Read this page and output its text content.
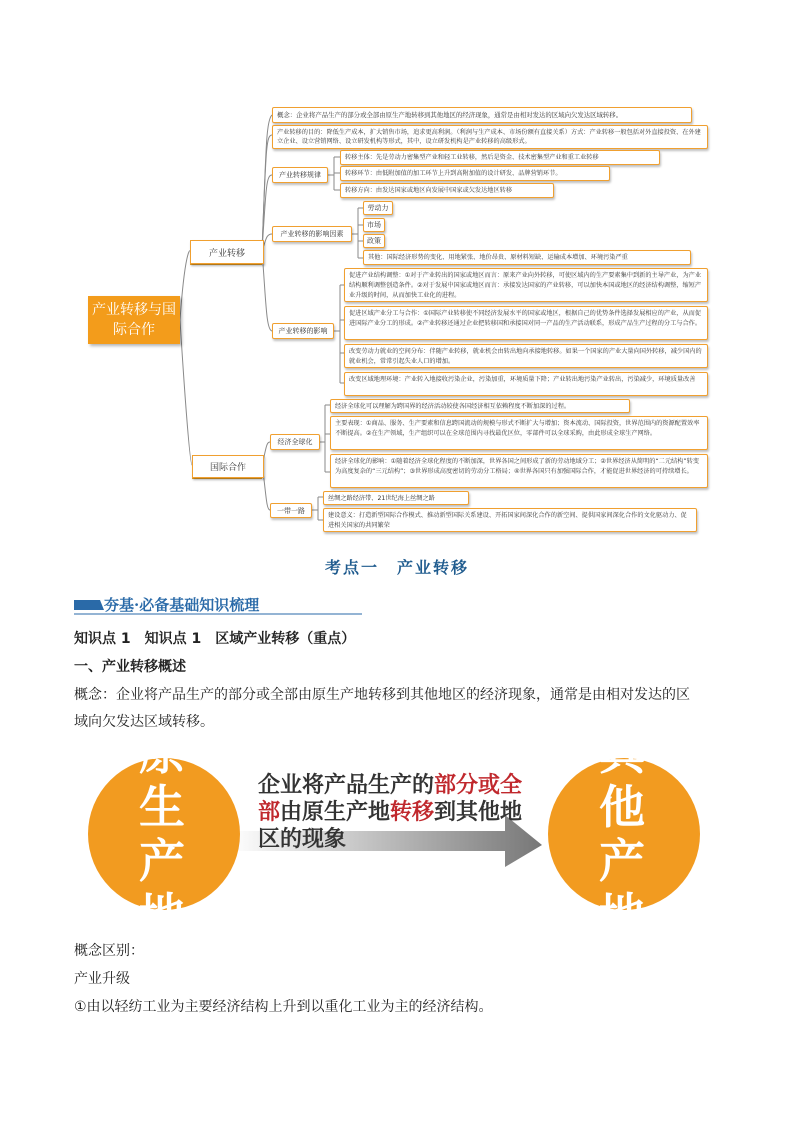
产业转移与国际合作
产业转移
国际合作
概念：企业将产品生产的部分或全部由原生产地转移到其他地区的经济现象，通常是由相对发达的区域向欠发达区域转移。
产业转移的目的：降低生产成本，扩大销售市场，追求更高利润。（利润与生产成本、市场份额有直接关系）方式：产业转移一般包括对外直接投资、在外建立企业、设立营销网络、设立研发机构等形式，其中，设立研发机构是产业转移的高级形式。
产业转移规律
转移主体：先是劳动力密集型产业和轻工业转移，然后是资金、技术密集型产业和重工业转移
转移环节：由低附加值的加工环节上升到高附加值的设计研发、品牌营销环节。
转移方向：由发达国家或地区向发展中国家或欠发达地区转移
产业转移的影响因素
劳动力
市场
政策
其他：国际经济形势的变化、用地紧张、地价昂贵、原材料短缺、运输成本增加、环境污染严重
产业转移的影响
促进产业结构调整：①对于产业转出的国家或地区而言：原来产业向外转移，可使区域内的生产要素集中到新的主导产业，为产业结构顺利调整创造条件。②对于发展中国家或地区而言：承接发达国家的产业转移，可以加快本国或地区的经济结构调整，缩短产业升级的时间，从而加快工业化的进程。
促进区域产业分工与合作：①国际产业转移使不同经济发展水平的国家或地区，根据自己的优势条件选择发展相应的产业，从而促进国际产业分工的形成。②产业转移还通过企业把转移国和承接国对同一产品的生产活动联系，形成产品生产过程的分工与合作。
改变劳动力就业的空间分布：伴随产业转移，就业机会由转出地向承接地转移。如果一个国家的产业大量向国外转移，减少国内的就业机会，常常引起失业人口的增加。
改变区域地理环境：产业转入地接收污染企业，污染加重，环境质量下降；产业转出地污染产业转出，污染减少，环境质量改善
经济全球化
经济全球化可以理解为跨国界的经济活动较使各国经济相互依赖程度不断加深的过程。
主要表现：①商品、服务、生产要素和信息跨国流动的规模与形式不断扩大与增加；资本流动、国际投资，世界范围内的资源配置效率不断提高。②在生产领域，生产组织可以在全球范围内寻找最优区位，零部件可以全球采购，由此形成全球生产网络。
经济全球化的影响：①随着经济全球化程度的不断加深，世界各国之间形成了新的劳动地域分工；②世界经济从简明的“二元结构”转变为高度复杂的“三元结构”；③世界形成高度密切的劳动分工格局；④世界各国只有加强国际合作，才能促进世界经济的可持续增长。
一带一路
丝绸之路经济带、21世纪海上丝绸之路
建设意义：打造新型国际合作模式、推动新型国际关系建设、开拓国家间深化合作的新空间、提供国家间深化合作的文化驱动力、促进相关国家的共同繁荣
考点一　产业转移
夯基·必备基础知识梳理
知识点 1　知识点 1　区域产业转移（重点）
一、产业转移概述
概念：企业将产品生产的部分或全部由原生产地转移到其他地区的经济现象，通常是由相对发达的区
域向欠发达区域转移。
原生产地
其他产地
企业将产品生产的部分或全
部由原生产地转移到其他地
区的现象
概念区别：
产业升级
①由以轻纺工业为主要经济结构上升到以重化工业为主的经济结构。
